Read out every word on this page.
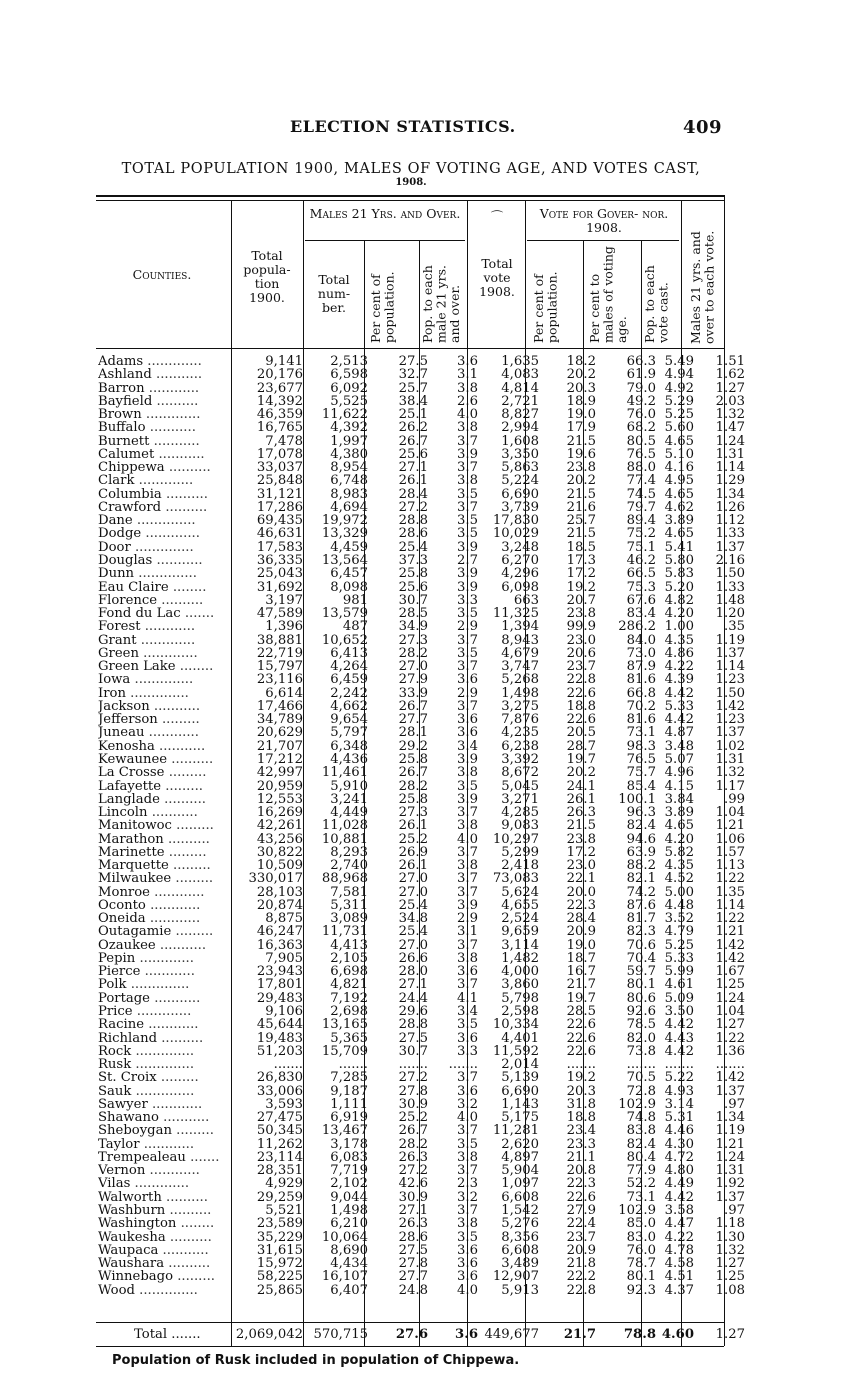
ELECTION STATISTICS.	409
TOTAL POPULATION 1900, MALES OF VOTING AGE, AND VOTES CAST,
1908.
Counties.
Total popula- tion 1900.
Males 21 Yrs. and Over.
Total num- ber.	Per cent of population.	Pop. to each male 21 yrs. and over.
⌒
Total vote 1908.
Vote for Gover- nor. 1908.
Per cent of population.	Per cent to males of voting age.	Pop. to each vote cast.	Males 21 yrs. and over to each vote.
Adams .............	9,141	2,513	27.5	3.6	1,635	18.2	66.3	5.49	1.51
Ashland ...........	20,176	6,598	32.7	3.1	4,083	20.2	61.9	4.94	1.62
Barron ............	23,677	6,092	25.7	3.8	4,814	20.3	79.0	4.92	1.27
Bayfield ..........	14,392	5,525	38.4	2.6	2,721	18.9	49.2	5.29	2.03
Brown .............	46,359	11,622	25.1	4.0	8,827	19.0	76.0	5.25	1.32
Buffalo ...........	16,765	4,392	26.2	3.8	2,994	17.9	68.2	5.60	1.47
Burnett ...........	7,478	1,997	26.7	3.7	1,608	21.5	80.5	4.65	1.24
Calumet ...........	17,078	4,380	25.6	3.9	3,350	19.6	76.5	5.10	1.31
Chippewa ..........	33,037	8,954	27.1	3.7	5,863	23.8	88.0	4.16	1.14
Clark .............	25,848	6,748	26.1	3.8	5,224	20.2	77.4	4.95	1.29
Columbia ..........	31,121	8,983	28.4	3.5	6,690	21.5	74.5	4.65	1.34
Crawford ..........	17,286	4,694	27.2	3.7	3,739	21.6	79.7	4.62	1.26
Dane ..............	69,435	19,972	28.8	3.5	17,830	25.7	89.4	3.89	1.12
Dodge .............	46,631	13,329	28.6	3.5	10,029	21.5	75.2	4.65	1.33
Door ..............	17,583	4,459	25.4	3.9	3,248	18.5	75.1	5.41	1.37
Douglas ...........	36,335	13,564	37.3	2.7	6,270	17.3	46.2	5.80	2.16
Dunn ..............	25,043	6,457	25.8	3.9	4,296	17.2	66.5	5.83	1.50
Eau Claire ........	31,692	8,098	25.6	3.9	6,098	19.2	75.3	5.20	1.33
Florence ..........	3,197	981	30.7	3.3	663	20.7	67.6	4.82	1.48
Fond du Lac .......	47,589	13,579	28.5	3.5	11,325	23.8	83.4	4.20	1.20
Forest ............	1,396	487	34.9	2.9	1,394	99.9	286.2	1.00	.35
Grant .............	38,881	10,652	27.3	3.7	8,943	23.0	84.0	4.35	1.19
Green .............	22,719	6,413	28.2	3.5	4,679	20.6	73.0	4.86	1.37
Green Lake ........	15,797	4,264	27.0	3.7	3,747	23.7	87.9	4.22	1.14
Iowa ..............	23,116	6,459	27.9	3.6	5,268	22.8	81.6	4.39	1.23
Iron ..............	6,614	2,242	33.9	2.9	1,498	22.6	66.8	4.42	1.50
Jackson ...........	17,466	4,662	26.7	3.7	3,275	18.8	70.2	5.33	1.42
Jefferson .........	34,789	9,654	27.7	3.6	7,876	22.6	81.6	4.42	1.23
Juneau ............	20,629	5,797	28.1	3.6	4,235	20.5	73.1	4.87	1.37
Kenosha ...........	21,707	6,348	29.2	3.4	6,238	28.7	98.3	3.48	1.02
Kewaunee ..........	17,212	4,436	25.8	3.9	3,392	19.7	76.5	5.07	1.31
La Crosse .........	42,997	11,461	26.7	3.8	8,672	20.2	75.7	4.96	1.32
Lafayette .........	20,959	5,910	28.2	3.5	5,045	24.1	85.4	4.15	1.17
Langlade ..........	12,553	3,241	25.8	3.9	3,271	26.1	100.1	3.84	.99
Lincoln ...........	16,269	4,449	27.3	3.7	4,285	26.3	96.3	3.89	1.04
Manitowoc .........	42,261	11,028	26.1	3.8	9,083	21.5	82.4	4.65	1.21
Marathon ..........	43,256	10,881	25.2	4.0	10,297	23.8	94.6	4.20	1.06
Marinette .........	30,822	8,293	26.9	3.7	5,299	17.2	63.9	5.82	1.57
Marquette .........	10,509	2,740	26.1	3.8	2,418	23.0	88.2	4.35	1.13
Milwaukee .........	330,017	88,968	27.0	3.7	73,083	22.1	82.1	4.52	1.22
Monroe ............	28,103	7,581	27.0	3.7	5,624	20.0	74.2	5.00	1.35
Oconto ............	20,874	5,311	25.4	3.9	4,655	22.3	87.6	4.48	1.14
Oneida ............	8,875	3,089	34.8	2.9	2,524	28.4	81.7	3.52	1.22
Outagamie .........	46,247	11,731	25.4	3.1	9,659	20.9	82.3	4.79	1.21
Ozaukee ...........	16,363	4,413	27.0	3.7	3,114	19.0	70.6	5.25	1.42
Pepin .............	7,905	2,105	26.6	3.8	1,482	18.7	70.4	5.33	1.42
Pierce ............	23,943	6,698	28.0	3.6	4,000	16.7	59.7	5.99	1.67
Polk ..............	17,801	4,821	27.1	3.7	3,860	21.7	80.1	4.61	1.25
Portage ...........	29,483	7,192	24.4	4.1	5,798	19.7	80.6	5.09	1.24
Price .............	9,106	2,698	29.6	3.4	2,598	28.5	92.6	3.50	1.04
Racine ............	45,644	13,165	28.8	3.5	10,334	22.6	78.5	4.42	1.27
Richland ..........	19,483	5,365	27.5	3.6	4,401	22.6	82.0	4.43	1.22
Rock ..............	51,203	15,709	30.7	3.3	11,592	22.6	73.8	4.42	1.36
Rusk ..............	.......	.......	.......	.......	2,014	.......	.......	.......	.......
St. Croix .........	26,830	7,285	27.2	3.7	5,139	19.2	70.5	5.22	1.42
Sauk ..............	33,006	9,187	27.8	3.6	6,690	20.3	72.8	4.93	1.37
Sawyer ............	3,593	1,111	30.9	3.2	1,143	31.8	102.9	3.14	.97
Shawano ...........	27,475	6,919	25.2	4.0	5,175	18.8	74.8	5.31	1.34
Sheboygan .........	50,345	13,467	26.7	3.7	11,281	23.4	83.8	4.46	1.19
Taylor ............	11,262	3,178	28.2	3.5	2,620	23.3	82.4	4.30	1.21
Trempealeau .......	23,114	6,083	26.3	3.8	4,897	21.1	80.4	4.72	1.24
Vernon ............	28,351	7,719	27.2	3.7	5,904	20.8	77.9	4.80	1.31
Vilas .............	4,929	2,102	42.6	2.3	1,097	22.3	52.2	4.49	1.92
Walworth ..........	29,259	9,044	30.9	3.2	6,608	22.6	73.1	4.42	1.37
Washburn ..........	5,521	1,498	27.1	3.7	1,542	27.9	102.9	3.58	.97
Washington ........	23,589	6,210	26.3	3.8	5,276	22.4	85.0	4.47	1.18
Waukesha ..........	35,229	10,064	28.6	3.5	8,356	23.7	83.0	4.22	1.30
Waupaca ...........	31,615	8,690	27.5	3.6	6,608	20.9	76.0	4.78	1.32
Waushara ..........	15,972	4,434	27.8	3.6	3,489	21.8	78.7	4.58	1.27
Winnebago .........	58,225	16,107	27.7	3.6	12,907	22.2	80.1	4.51	1.25
Wood ..............	25,865	6,407	24.8	4.0	5,913	22.8	92.3	4.37	1.08
Total .......	2,069,042	570,715	27.6	3.6	449,677	21.7	78.8	4.60	1.27
Population of Rusk included in population of Chippewa.
